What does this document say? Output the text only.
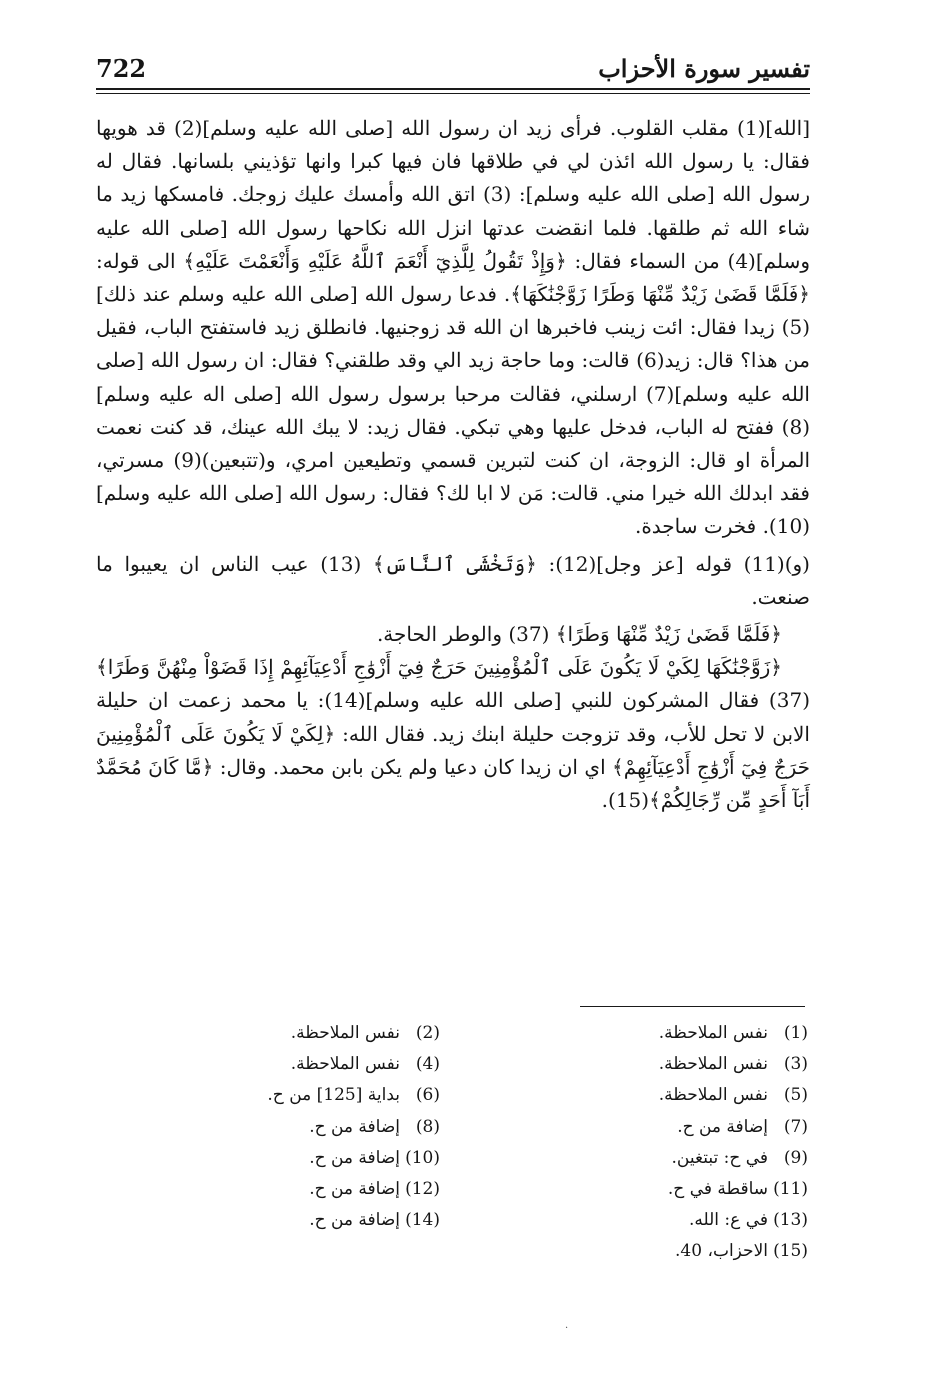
722	تفسير سورة الأحزاب

[الله](1) مقلب القلوب. فرأى زيد ان رسول الله [صلى الله عليه وسلم](2) قد هويها فقال: يا رسول الله ائذن لي في طلاقها فان فيها كبرا وانها تؤذيني بلسانها. فقال له رسول الله [صلى الله عليه وسلم]: (3) اتق الله وأمسك عليك زوجك. فامسكها زيد ما شاء الله ثم طلقها. فلما انقضت عدتها انزل الله نكاحها رسول الله [صلى الله عليه وسلم](4) من السماء فقال: ﴿وَإِذْ تَقُولُ لِلَّذِيٓ أَنْعَمَ ٱللَّهُ عَلَيْهِ وَأَنْعَمْتَ عَلَيْهِ﴾ الى قوله: ﴿فَلَمَّا قَضَىٰ زَيْدٌ مِّنْهَا وَطَرًا زَوَّجْنَٰكَهَا﴾. فدعا رسول الله [صلى الله عليه وسلم عند ذلك](5) زيدا فقال: ائت زينب فاخبرها ان الله قد زوجنيها. فانطلق زيد فاستفتح الباب، فقيل من هذا؟ قال: زيد(6) قالت: وما حاجة زيد الي وقد طلقني؟ فقال: ان رسول الله [صلى الله عليه وسلم](7) ارسلني، فقالت مرحبا برسول رسول الله [صلى اله عليه وسلم](8) ففتح له الباب، فدخل عليها وهي تبكي. فقال زيد: لا يبك الله عينك، قد كنت نعمت المرأة او قال: الزوجة، ان كنت لتبرين قسمي وتطيعين امري، و(تتبعين)(9) مسرتي، فقد ابدلك الله خيرا مني. قالت: مَن لا ابا لك؟ فقال: رسول الله [صلى الله عليه وسلم](10). فخرت ساجدة.

(و)(11) قوله [عز وجل](12): ﴿وَتَخْشَى ٱلنَّاسَ﴾ (13) عيب الناس ان يعيبوا ما صنعت.

﴿فَلَمَّا قَضَىٰ زَيْدٌ مِّنْهَا وَطَرًا﴾ (37) والوطر الحاجة.

﴿زَوَّجْنَٰكَهَا لِكَيْ لَا يَكُونَ عَلَى ٱلْمُؤْمِنِينَ حَرَجٌ فِيٓ أَزْوَٰجِ أَدْعِيَآئِهِمْ إِذَا قَضَوْاْ مِنْهُنَّ وَطَرًا﴾ (37) فقال المشركون للنبي [صلى الله عليه وسلم](14): يا محمد زعمت ان حليلة الابن لا تحل للأب، وقد تزوجت حليلة ابنك زيد. فقال الله: ﴿لِكَيْ لَا يَكُونَ عَلَى ٱلْمُؤْمِنِينَ حَرَجٌ فِيٓ أَزْوَٰجِ أَدْعِيَآئِهِمْ﴾ اي ان زيدا كان دعيا ولم يكن بابن محمد. وقال: ﴿مَّا كَانَ مُحَمَّدٌ أَبَآ أَحَدٍ مِّن رِّجَالِكُمْ﴾(15).

(1)نفس الملاحظة.
(3)نفس الملاحظة.
(5)نفس الملاحظة.
(7)إضافة من ح.
(9)في ح: تبتغين.
(11)ساقطة في ح.
(13)في ع: الله.
(15)الاحزاب، 40.
(2)نفس الملاحظة.
(4)نفس الملاحظة.
(6)بداية [125] من ح.
(8)إضافة من ح.
(10)إضافة من ح.
(12)إضافة من ح.
(14)إضافة من ح.
·
